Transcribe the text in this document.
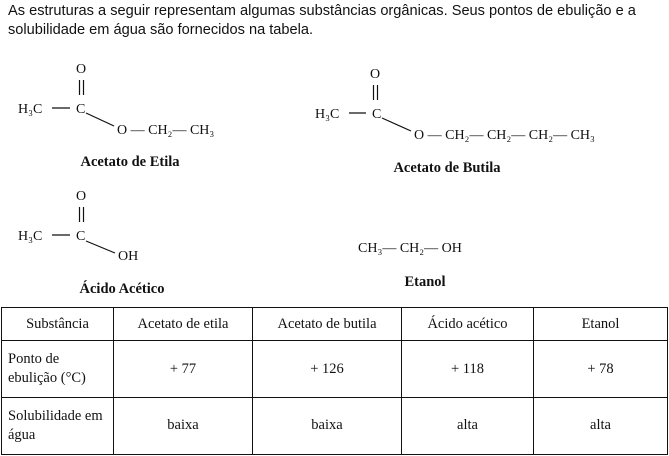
As estruturas a seguir representam algumas substâncias orgânicas. Seus pontos de ebulição e a solubilidade em água são fornecidos na tabela.
O
H₃C C
O — CH₂— CH₃
Acetato de Etila
O
H₃C C
O — CH₂— CH₂— CH₂— CH₃
Acetato de Butila
O
H₃C C
OH
Ácido Acético
CH₃— CH₂— OH
Etanol
Substância	Acetato de etila	Acetato de butila	Ácido acético	Etanol
Ponto de ebulição (°C)	+ 77	+ 126	+ 118	+ 78
Solubilidade em água	baixa	baixa	alta	alta
